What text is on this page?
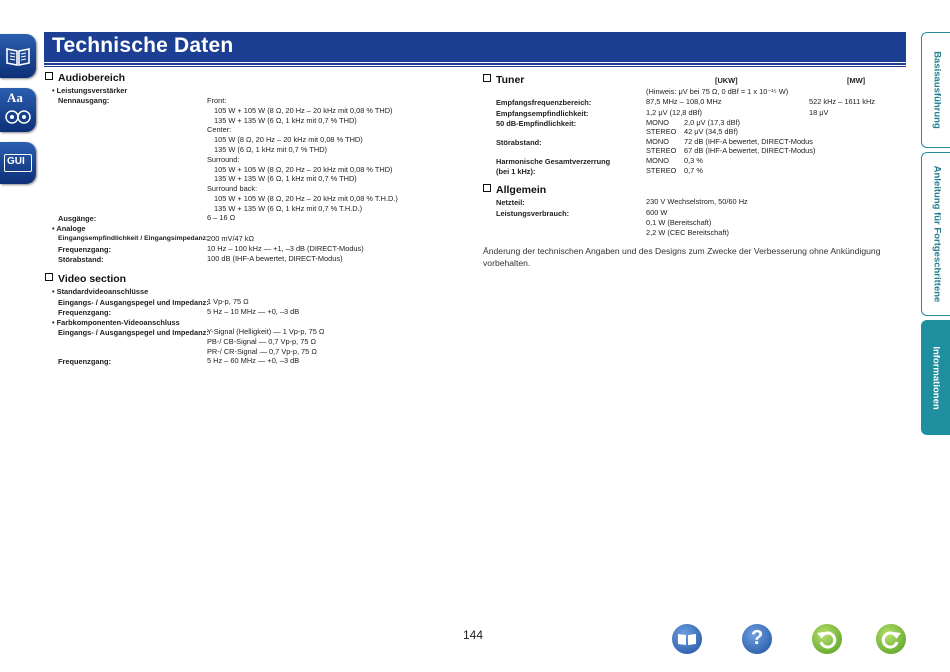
Aa
GUI
Technische Daten
Audiobereich
• Leistungsverstärker
Nennausgang:	Front:
105 W + 105 W (8 Ω, 20 Hz – 20 kHz mit 0,08 % THD)
135 W + 135 W (6 Ω, 1 kHz mit 0,7 % THD)
Center:
105 W (8 Ω, 20 Hz – 20 kHz mit 0,08 % THD)
135 W (6 Ω, 1 kHz mit 0,7 % THD)
Surround:
105 W + 105 W (8 Ω, 20 Hz – 20 kHz mit 0,08 % THD)
135 W + 135 W (6 Ω, 1 kHz mit 0,7 % THD)
Surround back:
105 W + 105 W (8 Ω, 20 Hz – 20 kHz mit 0,08 % T.H.D.)
135 W + 135 W (6 Ω, 1 kHz mit 0,7 % T.H.D.)
Ausgänge:	6 – 16 Ω
• Analoge
Eingangsempfindlichkeit / Eingangsimpedanz:
200 mV/47 kΩ
Frequenzgang:	10 Hz – 100 kHz — +1, –3 dB (DIRECT-Modus)
Störabstand:	100 dB (IHF-A bewertet, DIRECT-Modus)
Video section
• Standardvideoanschlüsse
Eingangs- / Ausgangspegel und Impedanz:
1 Vp-p, 75 Ω
Frequenzgang:	5 Hz – 10 MHz — +0, –3 dB
• Farbkomponenten-Videoanschluss
Eingangs- / Ausgangspegel und Impedanz:
Y-Signal (Helligkeit) — 1 Vp-p, 75 Ω
PB-/ CB-Signal — 0,7 Vp-p, 75 Ω
PR-/ CR-Signal — 0,7 Vp-p, 75 Ω
Frequenzgang:	5 Hz – 60 MHz — +0, –3 dB
Tuner	[UKW]	[MW]
(Hinweis: μV bei 75 Ω, 0 dBf = 1 x 10⁻¹⁵ W)
Empfangsfrequenzbereich:	87,5 MHz – 108,0 MHz	522 kHz – 1611 kHz
Empfangsempfindlichkeit:	1,2 μV (12,8 dBf)	18 μV
50 dB-Empfindlichkeit:	MONO 2,0 μV (17,3 dBf)
STEREO 42 μV (34,5 dBf)
Störabstand:	MONO 72 dB (IHF-A bewertet, DIRECT-Modus
STEREO 67 dB (IHF-A bewertet, DIRECT-Modus)
Harmonische Gesamtverzerrung
(bei 1 kHz):
MONO 0,3 %
STEREO 0,7 %
Allgemein
Netzteil:	230 V Wechselstrom, 50/60 Hz
Leistungsverbrauch:	600 W
0,1 W (Bereitschaft)
2,2 W (CEC Bereitschaft)
Änderung der technischen Angaben und des Designs zum Zwecke der Verbesserung ohne Ankündigung vorbehalten.
Basisausführung
Anleitung für Fortgeschrittene
Informationen
144	?
